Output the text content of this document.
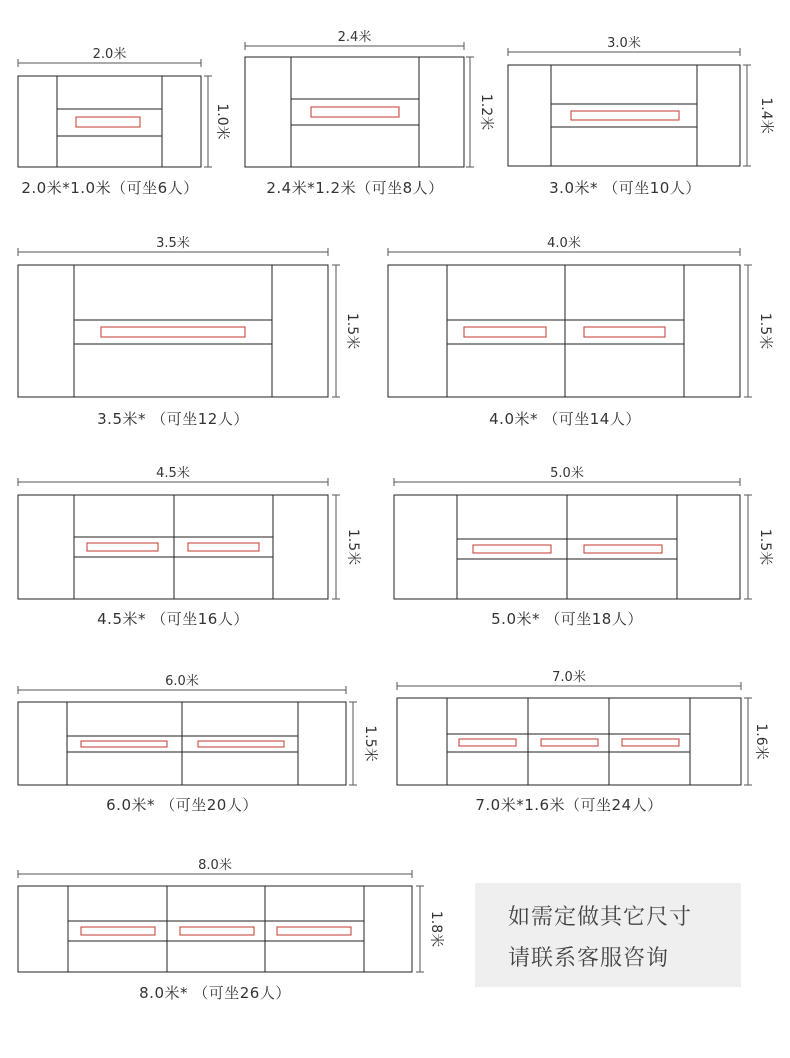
2.0米
1.0米
2.0米*1.0米（可坐6人）
2.4米
1.2米
2.4米*1.2米（可坐8人）
3.0米
1.4米
3.0米* （可坐10人）
3.5米
1.5米
3.5米* （可坐12人）
4.0米
1.5米
4.0米* （可坐14人）
4.5米
1.5米
4.5米* （可坐16人）
5.0米
1.5米
5.0米* （可坐18人）
6.0米
1.5米
6.0米* （可坐20人）
7.0米
1.6米
7.0米*1.6米（可坐24人）
8.0米
1.8米
8.0米* （可坐26人）
如需定做其它尺寸
请联系客服咨询
